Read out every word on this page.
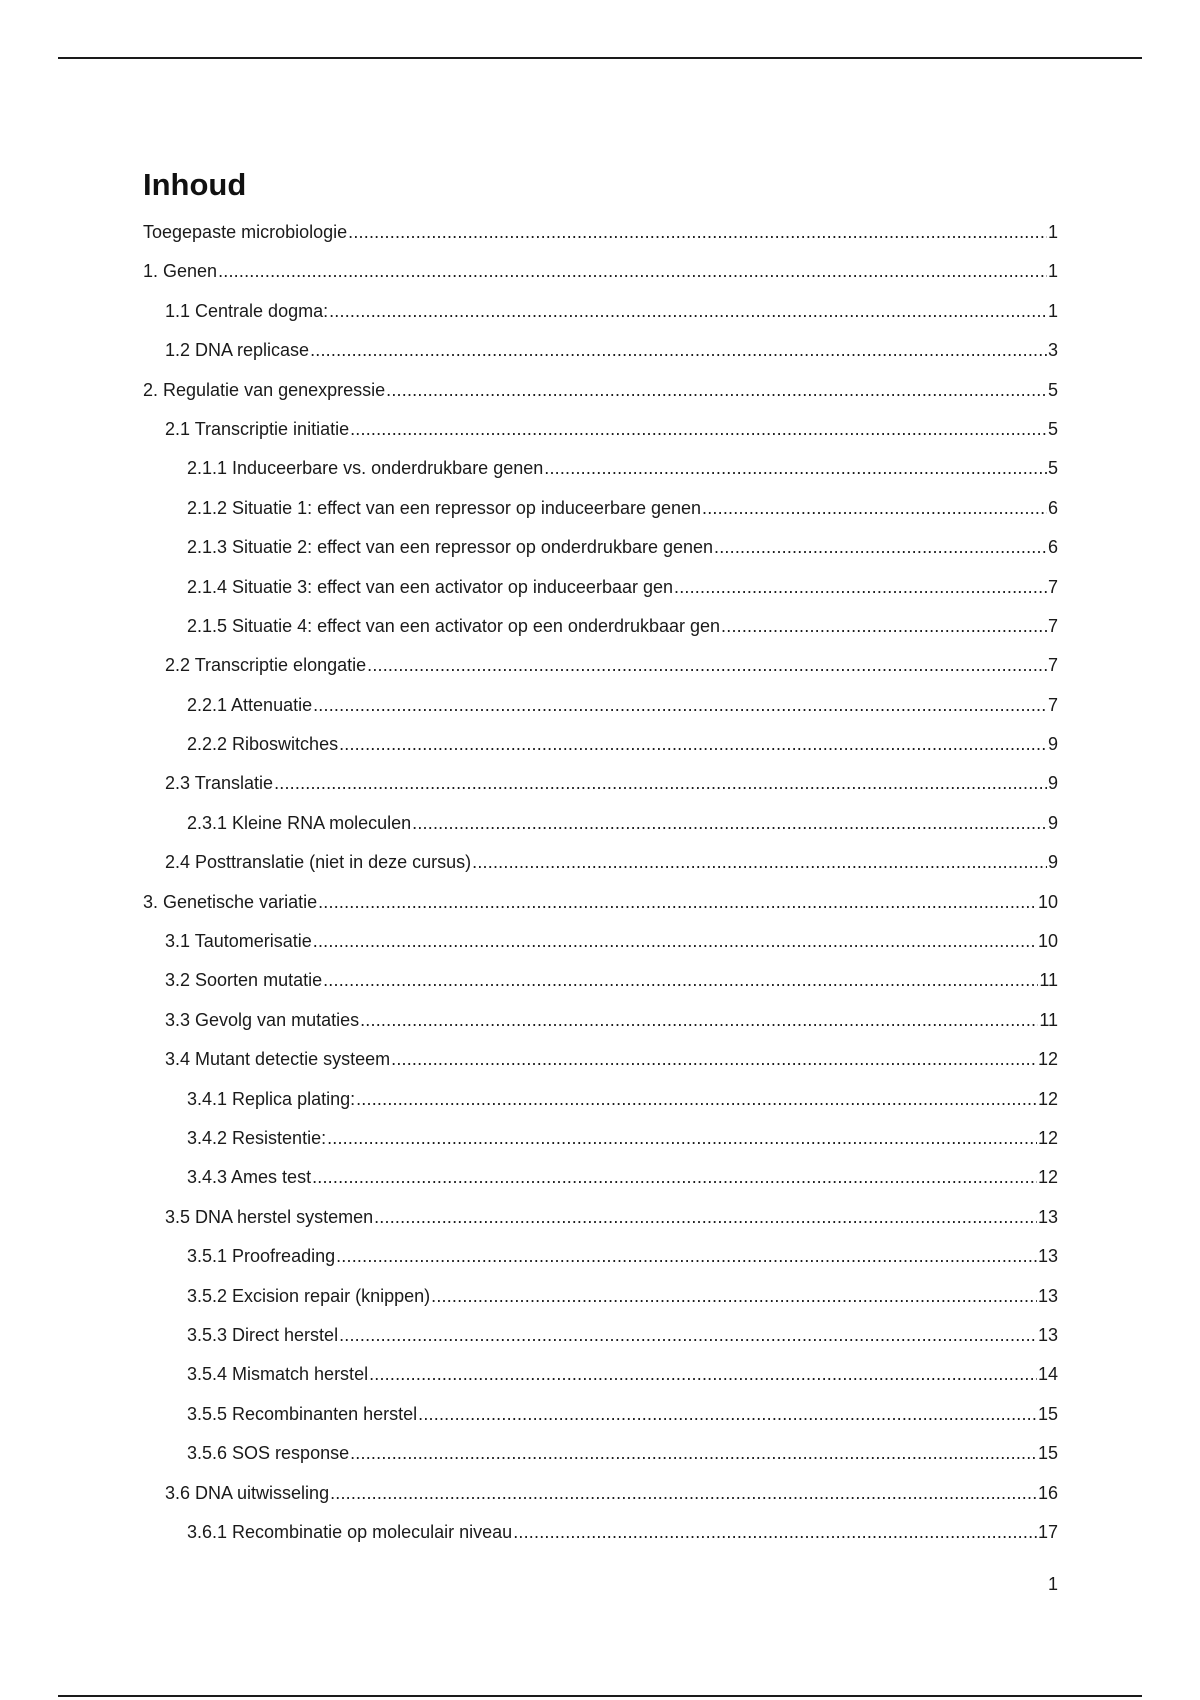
Inhoud
Toegepaste microbiologie .....	1
1. Genen .....	1
1.1 Centrale dogma: .....	1
1.2 DNA replicase .....	3
2. Regulatie van genexpressie .....	5
2.1 Transcriptie initiatie .....	5
2.1.1 Induceerbare vs. onderdrukbare genen .....	5
2.1.2 Situatie 1: effect van een repressor op induceerbare genen .....	6
2.1.3 Situatie 2: effect van een repressor op onderdrukbare genen .....	6
2.1.4 Situatie 3: effect van een activator op induceerbaar gen .....	7
2.1.5 Situatie 4: effect van een activator op een onderdrukbaar gen .....	7
2.2 Transcriptie elongatie .....	7
2.2.1 Attenuatie .....	7
2.2.2 Riboswitches .....	9
2.3 Translatie .....	9
2.3.1 Kleine RNA moleculen .....	9
2.4 Posttranslatie (niet in deze cursus) .....	9
3. Genetische variatie .....	10
3.1 Tautomerisatie .....	10
3.2 Soorten mutatie .....	11
3.3 Gevolg van mutaties .....	11
3.4 Mutant detectie systeem .....	12
3.4.1 Replica plating: .....	12
3.4.2 Resistentie: .....	12
3.4.3 Ames test .....	12
3.5 DNA herstel systemen .....	13
3.5.1 Proofreading .....	13
3.5.2 Excision repair (knippen) .....	13
3.5.3 Direct herstel .....	13
3.5.4 Mismatch herstel .....	14
3.5.5 Recombinanten herstel .....	15
3.5.6 SOS response .....	15
3.6 DNA uitwisseling .....	16
3.6.1 Recombinatie op moleculair niveau .....	17
1
